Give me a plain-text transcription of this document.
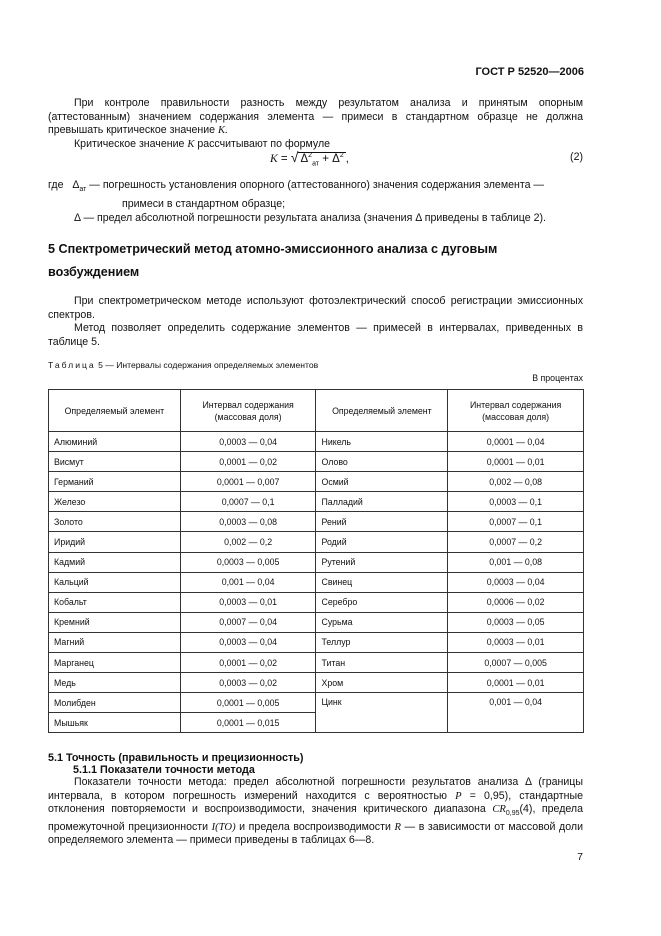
ГОСТ Р 52520—2006
При контроле правильности разность между результатом анализа и принятым опорным (аттестованным) значением содержания элемента — примеси в стандартном образце не должна превышать критическое значение K.
Критическое значение K рассчитывают по формуле
K = √ $\Delta^2_{ат} + \Delta^2$ ,	(2)
где $\Delta_{ат}$ — погрешность установления опорного (аттестованного) значения содержания элемента —
примеси в стандартном образце;
Δ — предел абсолютной погрешности результата анализа (значения Δ приведены в таблице 2).
5 Спектрометрический метод атомно-эмиссионного анализа с дуговым возбуждением
При спектрометрическом методе используют фотоэлектрический способ регистрации эмиссионных спектров.
Метод позволяет определить содержание элементов — примесей в интервалах, приведенных в таблице 5.
Таблица 5 — Интервалы содержания определяемых элементов
В процентах
Определяемый элемент	Интервал содержания (массовая доля)	Определяемый элемент	Интервал содержания (массовая доля)
Алюминий	0,0003 — 0,04	Никель	0,0001 — 0,04
Висмут	0,0001 — 0,02	Олово	0,0001 — 0,01
Германий	0,0001 — 0,007	Осмий	0,002 — 0,08
Железо	0,0007 — 0,1	Палладий	0,0003 — 0,1
Золото	0,0003 — 0,08	Рений	0,0007 — 0,1
Иридий	0,002 — 0,2	Родий	0,0007 — 0,2
Кадмий	0,0003 — 0,005	Рутений	0,001 — 0,08
Кальций	0,001 — 0,04	Свинец	0,0003 — 0,04
Кобальт	0,0003 — 0,01	Серебро	0,0006 — 0,02
Кремний	0,0007 — 0,04	Сурьма	0,0003 — 0,05
Магний	0,0003 — 0,04	Теллур	0,0003 — 0,01
Марганец	0,0001 — 0,02	Титан	0,0007 — 0,005
Медь	0,0003 — 0,02	Хром	0,0001 — 0,01
Молибден	0,0001 — 0,005	Цинк	0,001 — 0,04
Мышьяк	0,0001 — 0,015		
5.1 Точность (правильность и прецизионность)
5.1.1 Показатели точности метода
Показатели точности метода: предел абсолютной погрешности результатов анализа Δ (границы интервала, в котором погрешность измерений находится с вероятностью P = 0,95), стандартные отклонения повторяемости и воспроизводимости, значения критического диапазона $CR_{0,95}(4)$, предела промежуточной прецизионности I(TO) и предела воспроизводимости R — в зависимости от массовой доли определяемого элемента — примеси приведены в таблицах 6—8.
7
